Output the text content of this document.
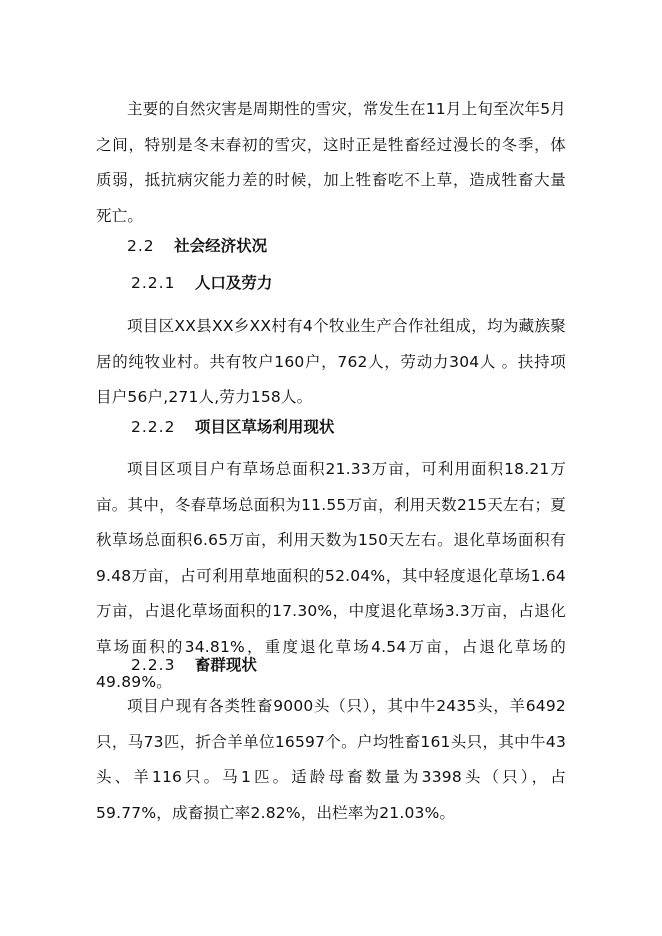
主要的自然灾害是周期性的雪灾，常发生在11月上旬至次年5月之间，特别是冬末春初的雪灾，这时正是牲畜经过漫长的冬季，体质弱，抵抗病灾能力差的时候，加上牲畜吃不上草，造成牲畜大量死亡。

2.2 社会经济状况
2.2.1 人口及劳力

项目区XX县XX乡XX村有4个牧业生产合作社组成，均为藏族聚居的纯牧业村。共有牧户160户，762人，劳动力304人 。扶持项目户56户,271人,劳力158人。

2.2.2 项目区草场利用现状

项目区项目户有草场总面积21.33万亩，可利用面积18.21万亩。其中，冬春草场总面积为11.55万亩，利用天数215天左右；夏秋草场总面积6.65万亩，利用天数为150天左右。退化草场面积有9.48万亩，占可利用草地面积的52.04%，其中轻度退化草场1.64万亩，占退化草场面积的17.30%，中度退化草场3.3万亩，占退化草场面积的34.81%，重度退化草场4.54万亩，占退化草场的49.89%。

2.2.3 畜群现状

项目户现有各类牲畜9000头（只），其中牛2435头，羊6492只，马73匹，折合羊单位16597个。户均牲畜161头只，其中牛43头、羊116只。马1匹。适龄母畜数量为3398头（只），占59.77%，成畜损亡率2.82%，出栏率为21.03%。
